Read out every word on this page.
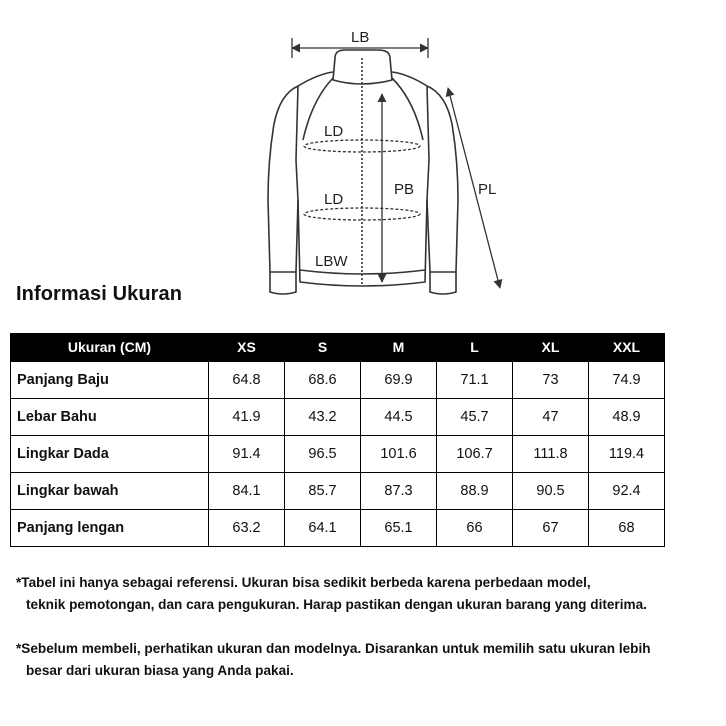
LB
LD
LD
PB	PL
LBW
Informasi Ukuran
Ukuran (CM)	XS	S	M	L	XL	XXL
Panjang Baju	64.8	68.6	69.9	71.1	73	74.9
Lebar Bahu	41.9	43.2	44.5	45.7	47	48.9
Lingkar Dada	91.4	96.5	101.6	106.7	111.8	119.4
Lingkar bawah	84.1	85.7	87.3	88.9	90.5	92.4
Panjang lengan	63.2	64.1	65.1	66	67	68

*Tabel ini hanya sebagai referensi. Ukuran bisa sedikit berbeda karena perbedaan model,
teknik pemotongan, dan cara pengukuran. Harap pastikan dengan ukuran barang yang diterima.

*Sebelum membeli, perhatikan ukuran dan modelnya. Disarankan untuk memilih satu ukuran lebih
besar dari ukuran biasa yang Anda pakai.
